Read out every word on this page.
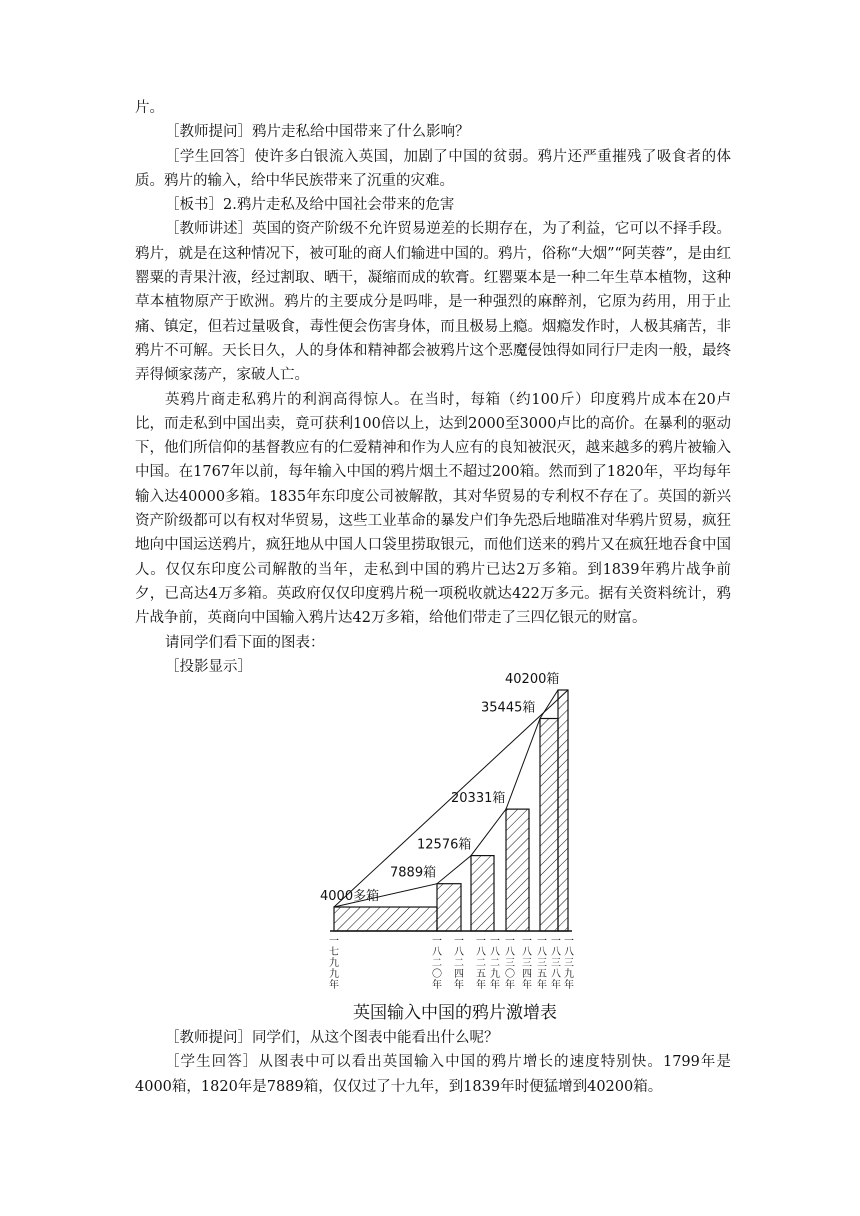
片。

［教师提问］鸦片走私给中国带来了什么影响？

［学生回答］使许多白银流入英国，加剧了中国的贫弱。鸦片还严重摧残了吸食者的体质。鸦片的输入，给中华民族带来了沉重的灾难。

［板书］2.鸦片走私及给中国社会带来的危害

［教师讲述］英国的资产阶级不允许贸易逆差的长期存在，为了利益，它可以不择手段。鸦片，就是在这种情况下，被可耻的商人们输进中国的。鸦片，俗称“大烟”“阿芙蓉”，是由红罂粟的青果汁液，经过割取、晒干，凝缩而成的软膏。红罂粟本是一种二年生草本植物，这种草本植物原产于欧洲。鸦片的主要成分是吗啡，是一种强烈的麻醉剂，它原为药用，用于止痛、镇定，但若过量吸食，毒性便会伤害身体，而且极易上瘾。烟瘾发作时，人极其痛苦，非鸦片不可解。天长日久，人的身体和精神都会被鸦片这个恶魔侵蚀得如同行尸走肉一般，最终弄得倾家荡产，家破人亡。

英鸦片商走私鸦片的利润高得惊人。在当时，每箱（约100斤）印度鸦片成本在20卢比，而走私到中国出卖，竟可获利100倍以上，达到2000至3000卢比的高价。在暴利的驱动下，他们所信仰的基督教应有的仁爱精神和作为人应有的良知被泯灭，越来越多的鸦片被输入中国。在1767年以前，每年输入中国的鸦片烟土不超过200箱。然而到了1820年，平均每年输入达40000多箱。1835年东印度公司被解散，其对华贸易的专利权不存在了。英国的新兴资产阶级都可以有权对华贸易，这些工业革命的暴发户们争先恐后地瞄准对华鸦片贸易，疯狂地向中国运送鸦片，疯狂地从中国人口袋里捞取银元，而他们送来的鸦片又在疯狂地吞食中国人。仅仅东印度公司解散的当年，走私到中国的鸦片已达2万多箱。到1839年鸦片战争前夕，已高达4万多箱。英政府仅仅印度鸦片税一项税收就达422万多元。据有关资料统计，鸦片战争前，英商向中国输入鸦片达42万多箱，给他们带走了三四亿银元的财富。

请同学们看下面的图表：

［投影显示］

4000多箱
7889箱
12576箱
20331箱
35445箱
40200箱
一
七
九
九
年
一
八
二
〇
年
一
八
二
四
年
一
八
二
五
年
一
八
二
九
年
一
八
三
〇
年
一
八
三
四
年
一
八
三
五
年
一
八
三
八
年
一
八
三
九
年
英国输入中国的鸦片激增表

［教师提问］同学们，从这个图表中能看出什么呢？

［学生回答］从图表中可以看出英国输入中国的鸦片增长的速度特别快。1799年是4000箱，1820年是7889箱，仅仅过了十九年，到1839年时便猛增到40200箱。
